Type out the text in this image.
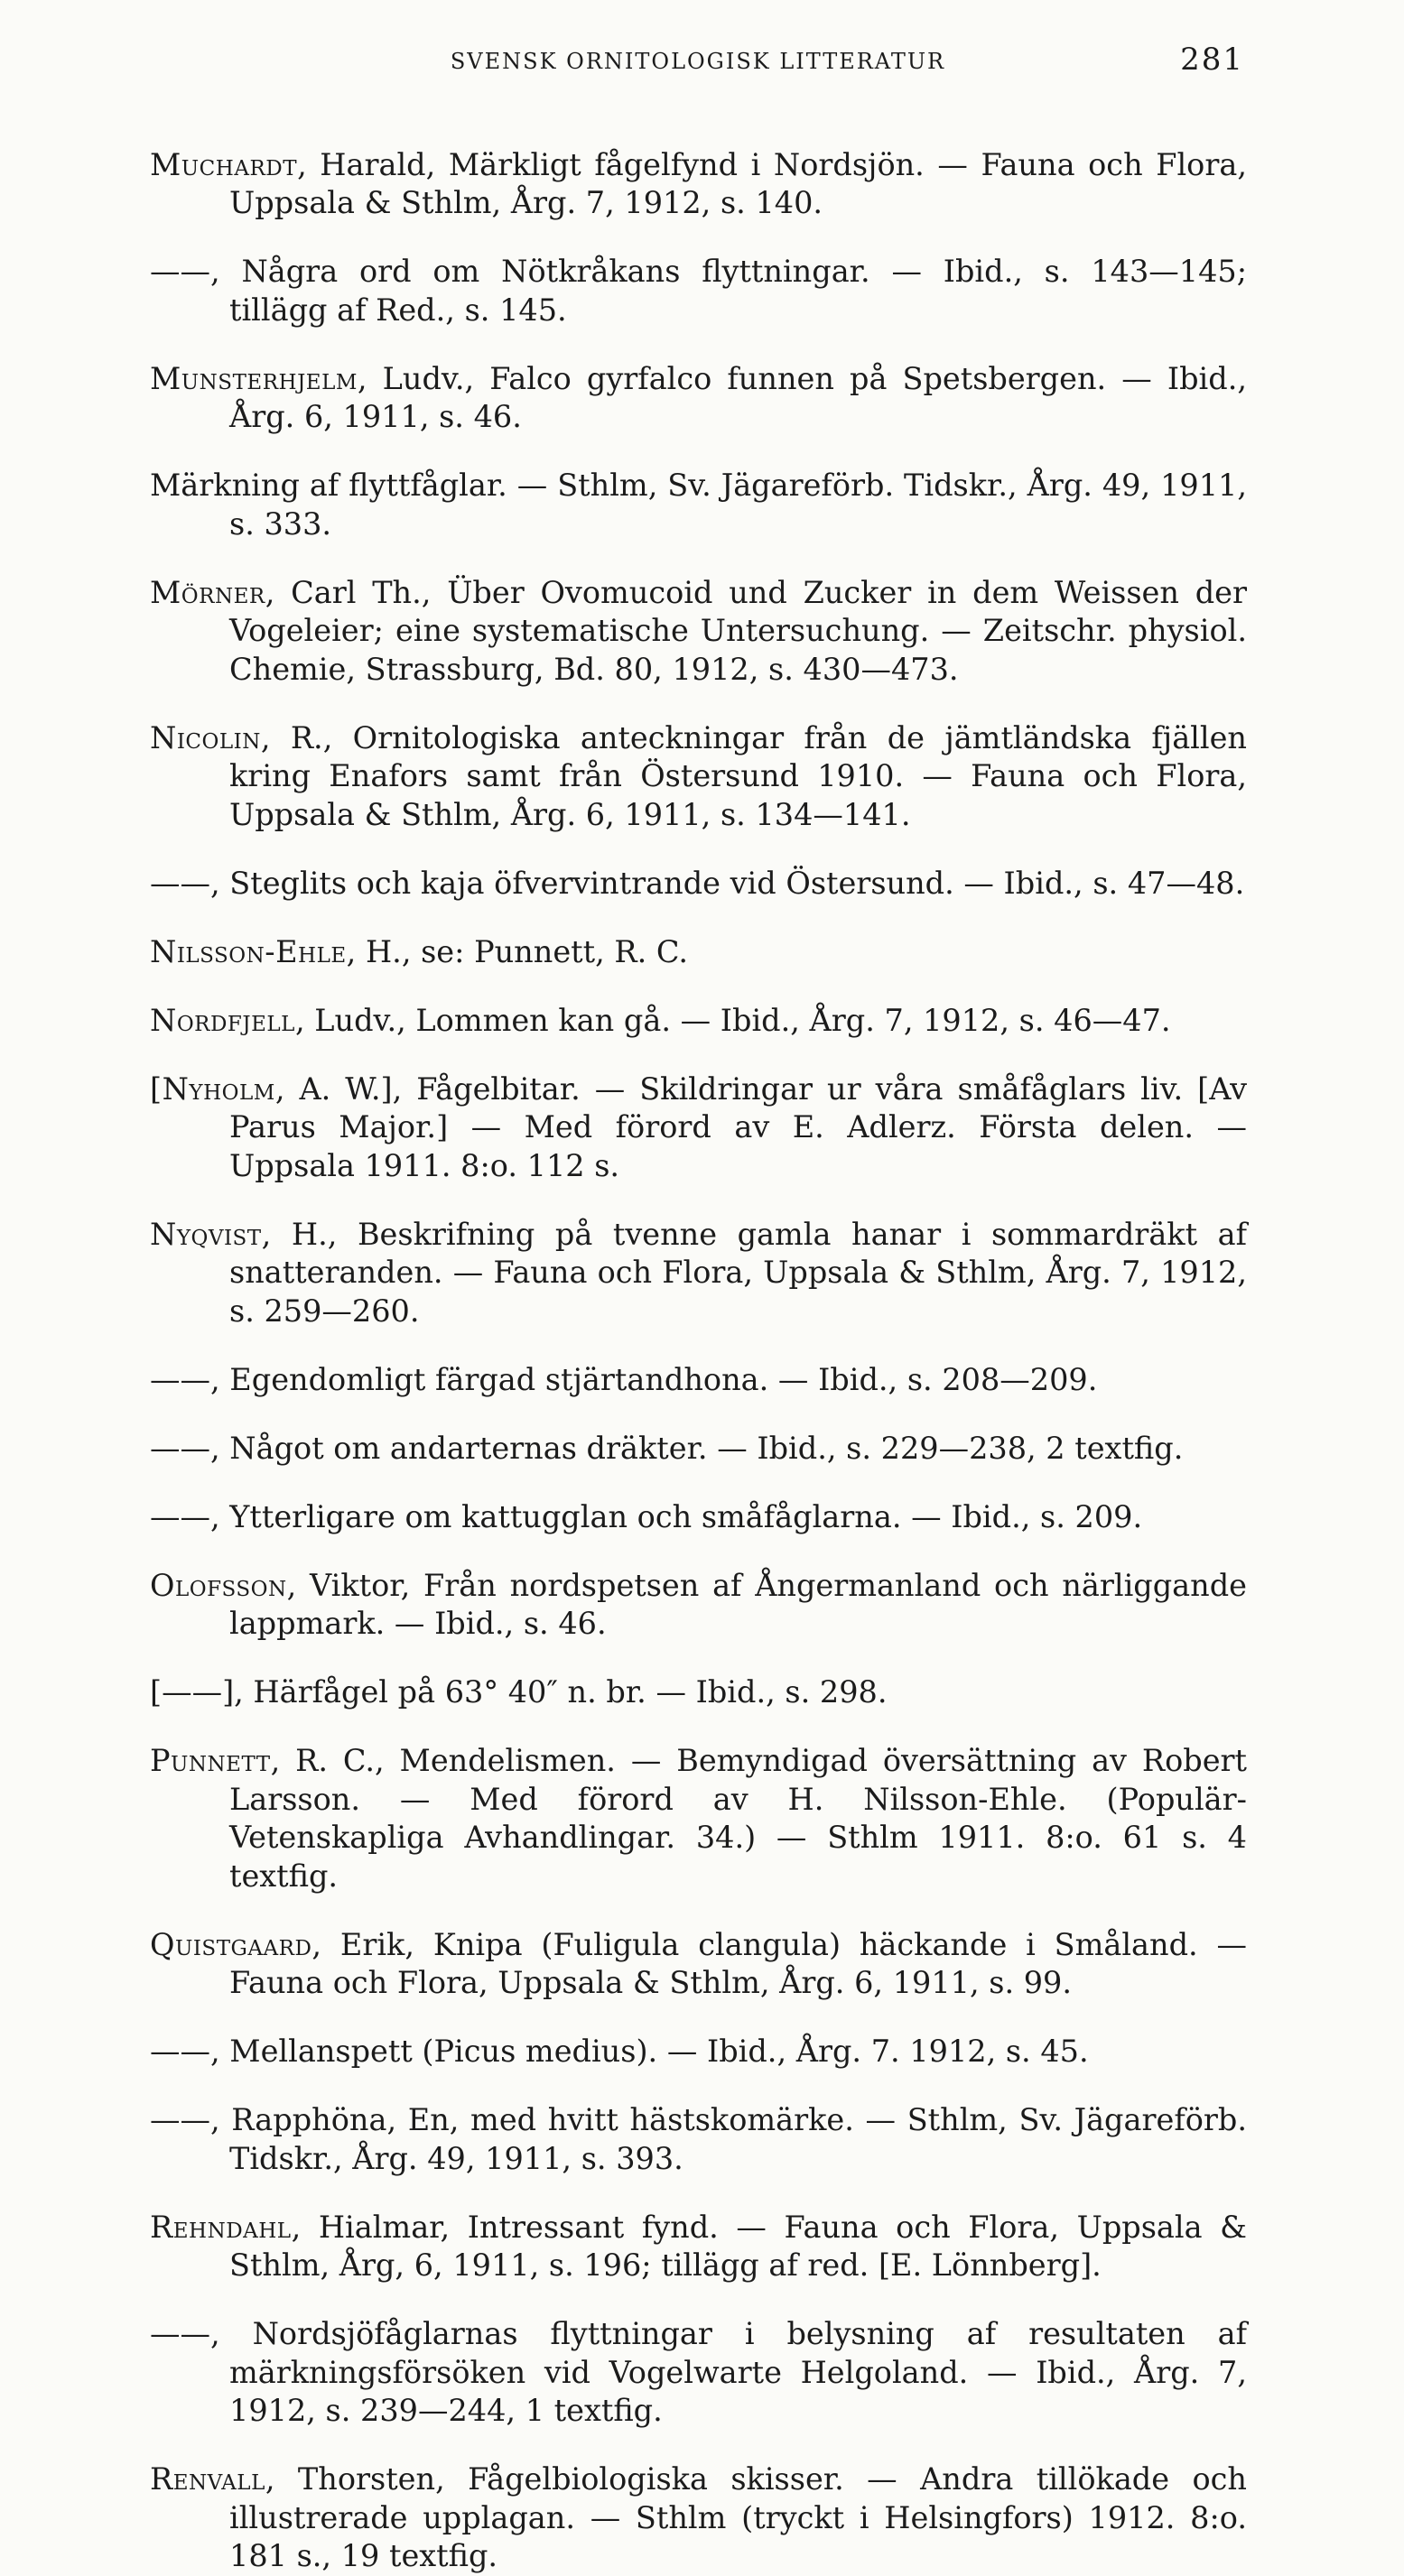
SVENSK ORNITOLOGISK LITTERATUR	281

Muchardt, Harald, Märkligt fågelfynd i Nordsjön. — Fauna och Flora, Uppsala & Sthlm, Årg. 7, 1912, s. 140.

——, Några ord om Nötkråkans flyttningar. — Ibid., s. 143—145; tillägg af Red., s. 145.

Munsterhjelm, Ludv., Falco gyrfalco funnen på Spetsbergen. — Ibid., Årg. 6, 1911, s. 46.

Märkning af flyttfåglar. — Sthlm, Sv. Jägareförb. Tidskr., Årg. 49, 1911, s. 333.

Mörner, Carl Th., Über Ovomucoid und Zucker in dem Weissen der Vogeleier; eine systematische Untersuchung. — Zeitschr. physiol. Chemie, Strassburg, Bd. 80, 1912, s. 430—473.

Nicolin, R., Ornitologiska anteckningar från de jämtländska fjällen kring Enafors samt från Östersund 1910. — Fauna och Flora, Uppsala & Sthlm, Årg. 6, 1911, s. 134—141.

——, Steglits och kaja öfvervintrande vid Östersund. — Ibid., s. 47—48.

Nilsson-Ehle, H., se: Punnett, R. C.

Nordfjell, Ludv., Lommen kan gå. — Ibid., Årg. 7, 1912, s. 46—47.

[Nyholm, A. W.], Fågelbitar. — Skildringar ur våra småfåglars liv. [Av Parus Major.] — Med förord av E. Adlerz. Första delen. — Uppsala 1911. 8:o. 112 s.

Nyqvist, H., Beskrifning på tvenne gamla hanar i sommardräkt af snatteranden. — Fauna och Flora, Uppsala & Sthlm, Årg. 7, 1912, s. 259—260.

——, Egendomligt färgad stjärtandhona. — Ibid., s. 208—209.

——, Något om andarternas dräkter. — Ibid., s. 229—238, 2 textfig.

——, Ytterligare om kattugglan och småfåglarna. — Ibid., s. 209.

Olofsson, Viktor, Från nordspetsen af Ångermanland och närliggande lappmark. — Ibid., s. 46.

[——], Härfågel på 63° 40″ n. br. — Ibid., s. 298.

Punnett, R. C., Mendelismen. — Bemyndigad översättning av Robert Larsson. — Med förord av H. Nilsson-Ehle. (Populär-Vetenskapliga Avhandlingar. 34.) — Sthlm 1911. 8:o. 61 s. 4 textfig.

Quistgaard, Erik, Knipa (Fuligula clangula) häckande i Småland. — Fauna och Flora, Uppsala & Sthlm, Årg. 6, 1911, s. 99.

——, Mellanspett (Picus medius). — Ibid., Årg. 7. 1912, s. 45.

——, Rapphöna, En, med hvitt hästskomärke. — Sthlm, Sv. Jägareförb. Tidskr., Årg. 49, 1911, s. 393.

Rehndahl, Hialmar, Intressant fynd. — Fauna och Flora, Uppsala & Sthlm, Årg, 6, 1911, s. 196; tillägg af red. [E. Lönnberg].

——, Nordsjöfåglarnas flyttningar i belysning af resultaten af märkningsförsöken vid Vogelwarte Helgoland. — Ibid., Årg. 7, 1912, s. 239—244, 1 textfig.

Renvall, Thorsten, Fågelbiologiska skisser. — Andra tillökade och illustrerade upplagan. — Sthlm (tryckt i Helsingfors) 1912. 8:o. 181 s., 19 textfig.
